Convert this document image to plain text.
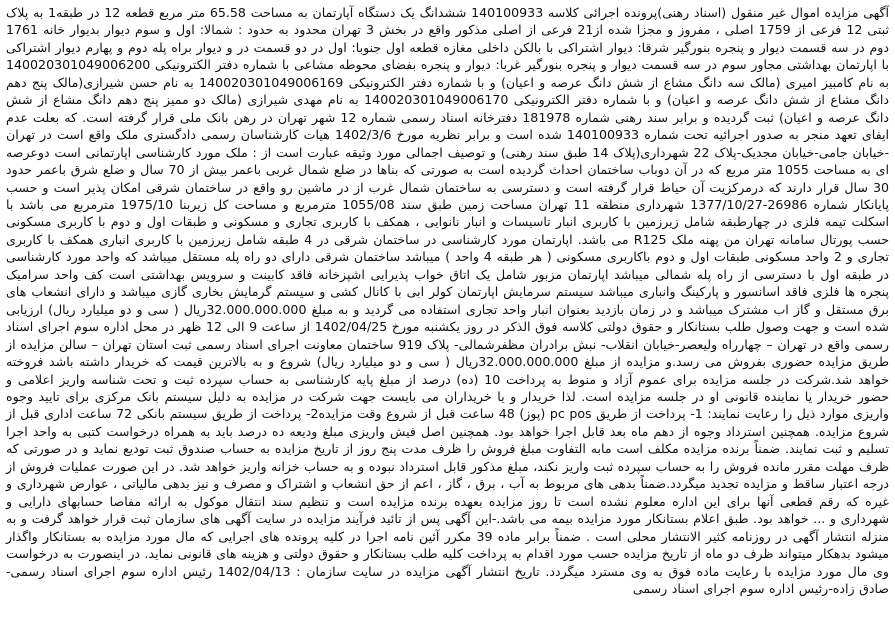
آگهی مزایده اموال غیر منقول (اسناد رهنی)پرونده اجرائی کلاسه 140100933 ششدانگ یک دستگاه آپارتمان به مساحت 65.58 متر مربع قطعه 12 در طبقه1 به پلاک ثبتی 12 فرعی از 1759 اصلی ، مفروز و مجزا شده از21 فرعی از اصلی مذکور واقع در بخش 3 تهران محدود به حدود : شمالا: اول و سوم دیوار بدیوار خانه 1761 دوم در سه قسمت دیوار و پنجره بنورگیر شرقا: دیوار اشتراکی با بالکن داخلی مغازه قطعه اول جنوبا: اول در دو قسمت در و دیوار براه پله دوم و پهارم دیوار اشتراکی با اپارتمان بهداشتی مجاور سوم در سه قسمت دیوار و پنجره بنورگیر غربا: دیوار و پنجره بفضای محوطه مشاعی با شماره دفتر الکترونیکی 140020301049006200 به نام کامبیز امیری (مالک سه دانگ مشاع از شش دانگ عرصه و اعیان) و با شماره دفتر الکترونیکی 140020301049006169 به نام حسن شیرازی(مالک پنج دهم دانگ مشاع از شش دانگ عرصه و اعیان) و با شماره دفتر الکترونیکی 140020301049006170 به نام مهدی شیرازی (مالک دو ممیز پنج دهم دانگ مشاع از شش دانگ عرصه و اعیان) ثبت گردیده و برابر سند رهنی شماره 181978 دفترخانه اسناد رسمی شماره 12 شهر تهران در رهن بانک ملی قرار گرفته است. که بعلت عدم ایفای تعهد منجر به صدور اجرائیه تحت شماره 140100933 شده است و برابر نظریه مورخ 1402/3/6 هیات کارشناسان رسمی دادگستری ملک واقع است در تهران -خیابان جامی-خیابان مجدیک-پلاک 22 شهرداری(پلاک 14 طبق سند رهنی) و توصیف اجمالی مورد وثیقه عبارت است از : ملک مورد کارشناسی اپارتمانی است دوعرصه ای به مساحت 1055 متر مربع که در آن دوباب ساختمان احداث گردیده است به صورتی که بناها در ضلع شمال غربی باعمر بیش از 70 سال و ضلع شرق باعمر حدود 30 سال قرار دارند که درمرکزیت آن حیاط قرار گرفته است و دسترسی به ساختمان شمال غرب از در ماشین رو واقع در ساختمان شرقی امکان پذیر است و حسب پایانکار شماره 26986-1377/10/27 شهرداری منطقه 11 تهران مساحت زمین طبق سند 1055/08 مترمربع و مساحت کل زیربنا 1975/10 مترمربع می باشد با اسکلت تیمه فلزی در چهارطبقه شامل زیرزمین با کاربری انبار تاسیسات و انبار نانوایی ، همکف با کاربری تجاری و مسکونی و طبقات اول و دوم با کاربری مسکونی حسب پورتال سامانه تهران من پهنه ملک R125 می باشد. اپارتمان مورد کارشناسی در ساختمان شرقی در 4 طبقه شامل زیرزمین با کاربری انباری همکف با کاربری تجاری و 2 واحد مسکونی طبقات اول و دوم باکاربری مسکونی ( هر طبقه 4 واحد ) میباشد ساختمان شرقی دارای دو راه پله مستقل میباشد که واحد مورد کارشناسی در طبقه اول با دسترسی از راه پله شمالی میباشد اپارتمان مزبور شامل یک اتاق خواب پذیرایی اشپزخانه فاقد کابینت و سرویس بهداشتی است کف واحد سرامیک پنجره ها فلزی فاقد اسانسور و پارکینگ وانباری میباشد سیستم سرمایش اپارتمان کولر ابی با کانال کشی و سیستم گرمایش بخاری گازی میباشد و دارای انشعاب های برق مستقل و گاز اب مشترک میباشد و در زمان بازدید بعنوان انبار واحد تجاری استفاده می گردید و به مبلغ 32.000.000.000ریال ( سی و دو میلیارد ریال) ارزیابی شده است و جهت وصول طلب بستانکار و حقوق دولتی کلاسه فوق الذکر در روز یکشنبه مورخ 1402/04/25 از ساعت 9 الی 12 ظهر در محل اداره سوم اجرای اسناد رسمی واقع در تهران – چهارراه ولیعصر-خیابان انقلاب- نبش برادران مظفرشمالی- پلاک 919 ساختمان معاونت اجرای اسناد رسمی ثبت استان تهران – سالن مزایده از طریق مزایده حضوری بفروش می رسد.و مزایده از مبلغ 32.000.000.000ریال ( سی و دو میلیارد ریال) شروع و به بالاترین قیمت که خریدار داشته باشد فروخته خواهد شد.شرکت در جلسه مزایده برای عموم آزاد و منوط به پرداخت 10 (ده) درصد از مبلغ پایه کارشناسی به حساب سپرده ثبت و تحت شناسه واریز اعلامی و حضور خریدار یا نماینده قانونی او در جلسه مزایده است. لذا خریدار و یا خریداران می بایست جهت شرکت در مزایده به دلیل سیستم بانک مرکزی برای تایید وجوه واریزی موارد ذیل را رعایت نمایند: 1- پرداخت از طریق pc pos (پوز) 48 ساعت قبل از شروع وقت مزایده2- پرداخت از طریق سیستم بانکی 72 ساعت اداری قبل از شروع مزایده. همچنین استرداد وجوه از دهم ماه بعد قابل اجرا خواهد بود. همچنین اصل فیش واریزی مبلغ ودیعه ده درصد باید به همراه درخواست کتبی به واحد اجرا تسلیم و ثبت نمایند. ضمناً برنده مزایده مکلف است مابه التفاوت مبلغ فروش را ظرف مدت پنج روز از تاریخ مزایده به حساب صندوق ثبت تودیع نماید و در صورتی که ظرف مهلت مقرر مانده فروش را به حساب سپرده ثبت واریز نکند، مبلغ مذکور قابل استرداد نبوده و به حساب خزانه واریز خواهد شد. در این صورت عملیات فروش از درجه اعتبار ساقط و مزایده تجدید میگردد.ضمناً بدهی های مربوط به آب ، برق ، گاز ، اعم از حق انشعاب و اشتراک و مصرف و نیز بدهی مالیاتی ، عوارض شهرداری و غیره که رقم قطعی آنها برای این اداره معلوم نشده است تا روز مزایده بعهده برنده مزایده است و تنظیم سند انتقال موکول به ارائه مفاصا حسابهای دارایی و شهرداری و ... خواهد بود. طبق اعلام بستانکار مورد مزایده بیمه می باشد.-این آگهی پس از تائید فرآیند مزایده در سایت آگهی های سازمان ثبت قرار خواهد گرفت و به منزله انتشار آگهی در روزنامه کثیر الانتشار محلی است . ضمناً برابر ماده 39 مکرر آئین نامه اجرا در کلیه پرونده های اجرایی که مال مورد مزایده به بستانکار واگذار میشود بدهکار میتواند ظرف دو ماه از تاریخ مزایده حسب مورد اقدام به پرداخت کلیه طلب بستانکار و حقوق دولتی و هزینه های قانونی نماید. در اینصورت به درخواست وی مال مورد مزایده با رعایت ماده فوق به وی مسترد میگردد. تاریخ انتشار آگهی مزایده در سایت سازمان : 1402/04/13 رئیس اداره سوم اجرای اسناد رسمی- صادق زاده-رئیس اداره سوم اجرای اسناد رسمی
